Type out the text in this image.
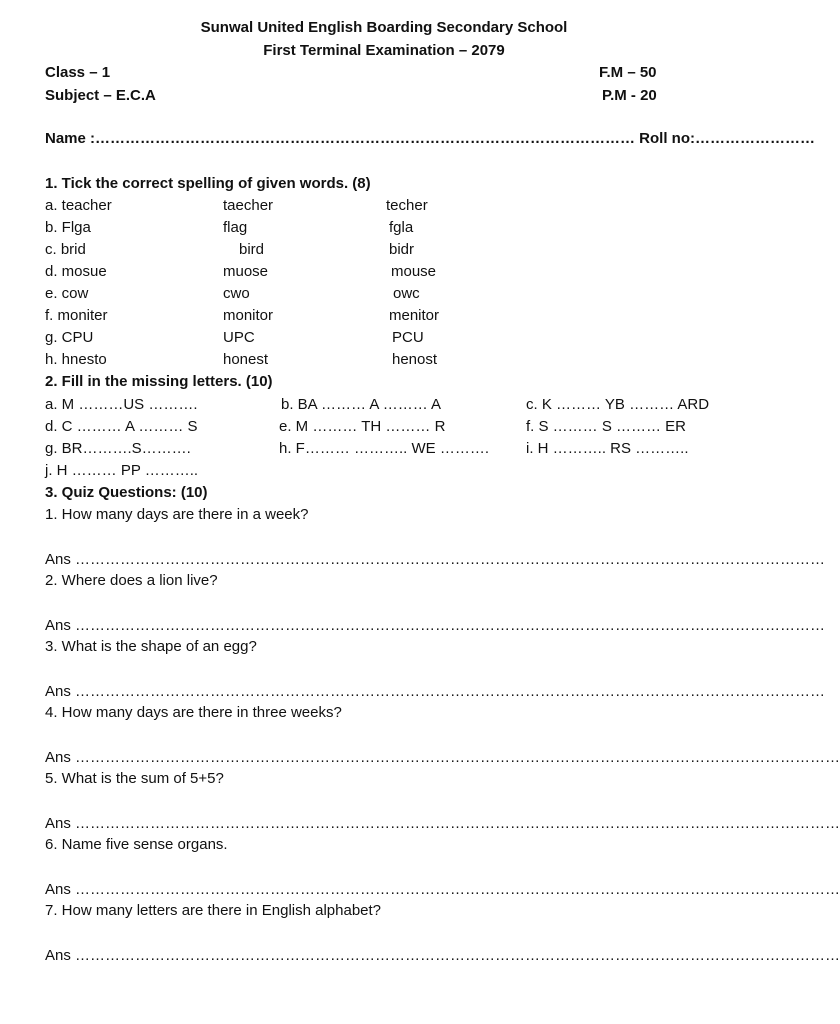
Sunwal United English Boarding Secondary School
First Terminal Examination – 2079
Class – 1
Subject – E.C.A
F.M – 50
P.M - 20
Name :……………………………………………………………………………………………… Roll no:……………………
1. Tick the correct spelling of given words. (8)
a. teacher	taecher	techer
b. Flga	flag	fgla
c. brid	bird	bidr
d. mosue	muose	mouse
e. cow	cwo	owc
f. moniter	monitor	menitor
g. CPU	UPC	PCU
h. hnesto	honest	henost
2. Fill in the missing letters. (10)
a. M ………US ……….	b. BA ……… A ……… A	c. K ……… YB ……… ARD
d. C ……… A ……… S	e. M ……… TH ……… R	f. S ……… S ……… ER
g. BR……….S……….	h. F……… ……….. WE ………. i. H ……….. RS ………..
j. H ……… PP ………..
3. Quiz Questions: (10)
1. How many days are there in a week?
Ans ……………………………………………………………………………………………………………………………………
2. Where does a lion live?
Ans ……………………………………………………………………………………………………………………………………
3. What is the shape of an egg?
Ans ……………………………………………………………………………………………………………………………………
4. How many days are there in three weeks?
Ans ………………………………………………………………………………………………………………………………………
5. What is the sum of 5+5?
Ans ………………………………………………………………………………………………………………………………………
6. Name five sense organs.
Ans ………………………………………………………………………………………………………………………………………
7. How many letters are there in English alphabet?
Ans ………………………………………………………………………………………………………………………………………
